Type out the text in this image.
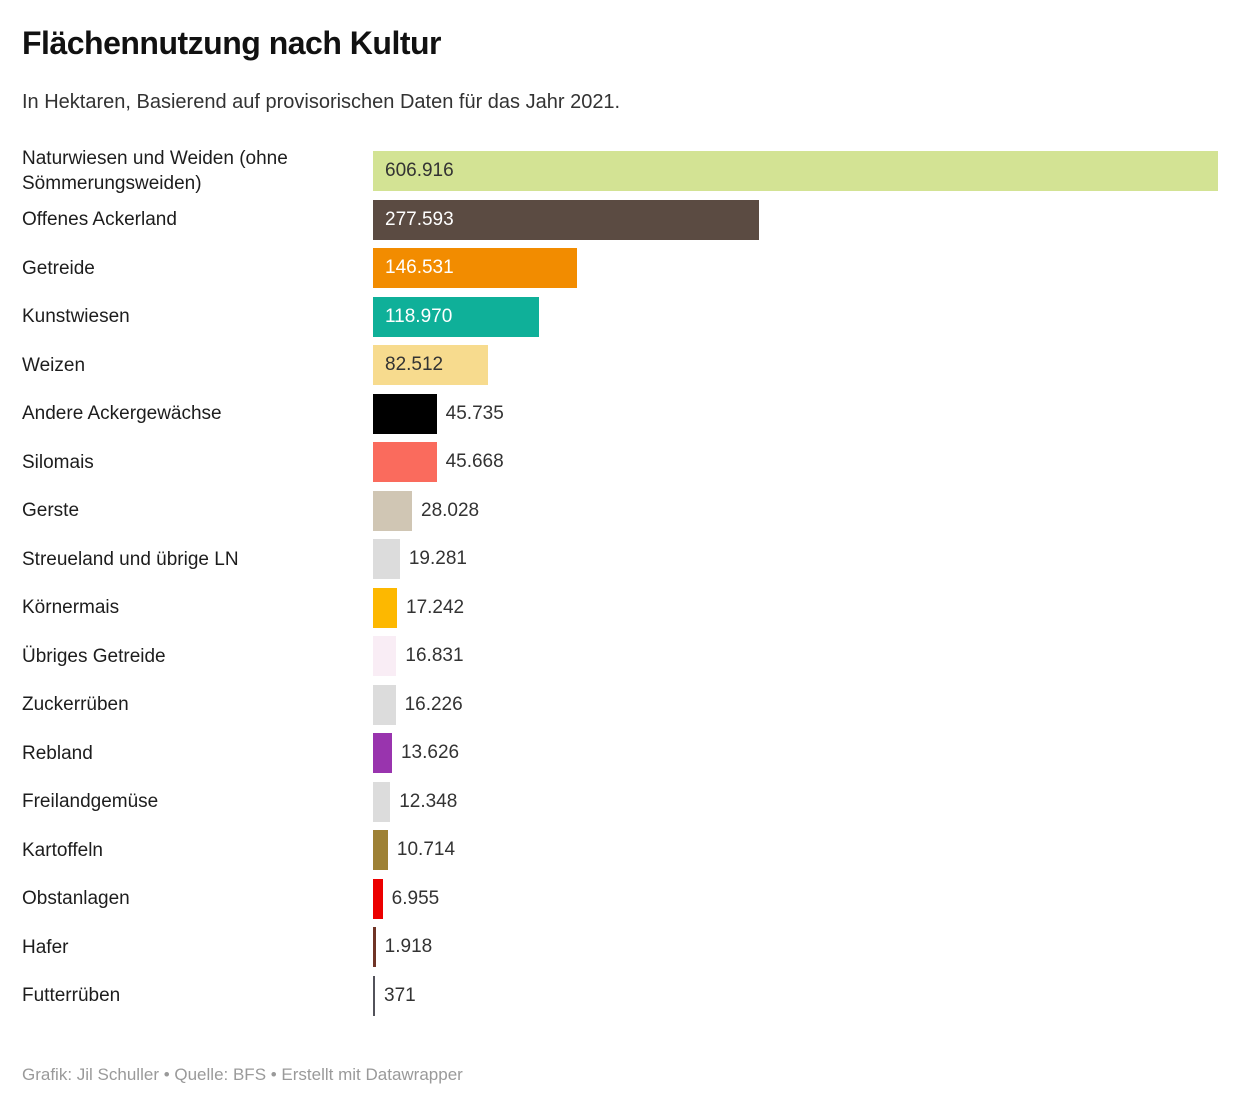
Flächennutzung nach Kultur

In Hektaren, Basierend auf provisorischen Daten für das Jahr 2021.

Naturwiesen und Weiden (ohne Sömmerungsweiden)
606.916
Offenes Ackerland	277.593
Getreide	146.531
Kunstwiesen	118.970
Weizen	82.512
Andere Ackergewächse	45.735
Silomais	45.668
Gerste	28.028
Streueland und übrige LN	19.281
Körnermais	17.242
Übriges Getreide	16.831
Zuckerrüben	16.226
Rebland	13.626
Freilandgemüse	12.348
Kartoffeln	10.714
Obstanlagen	6.955
Hafer	1.918
Futterrüben	371

Grafik: Jil Schuller • Quelle: BFS • Erstellt mit Datawrapper
